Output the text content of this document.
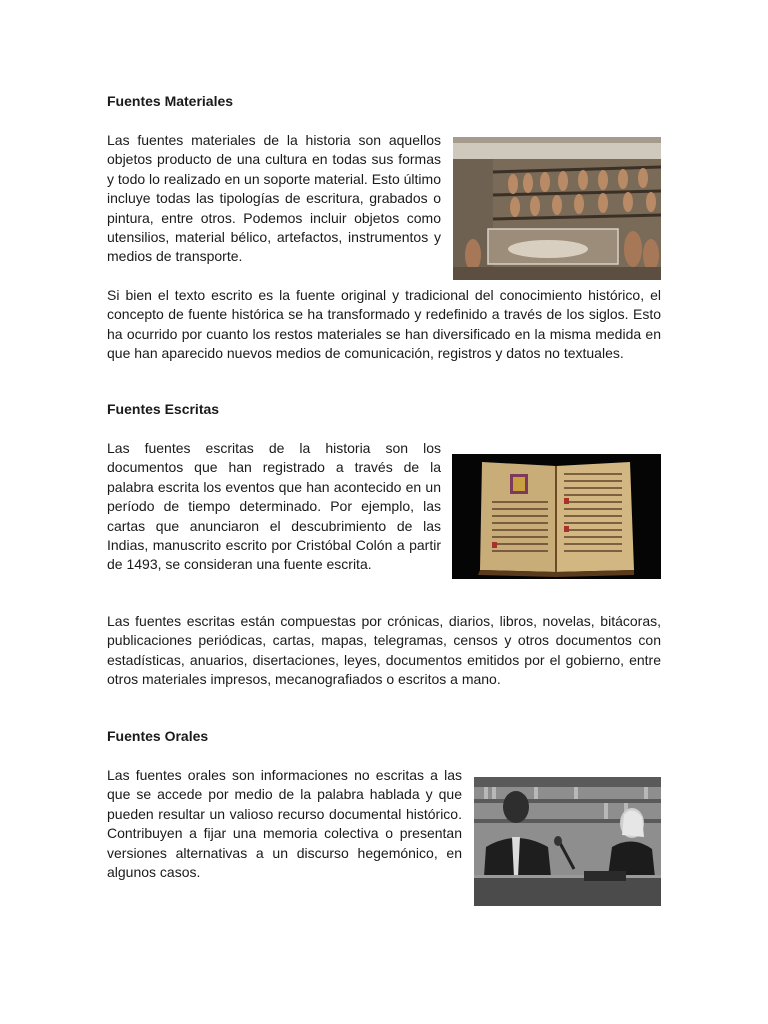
Fuentes Materiales

Las fuentes materiales de la historia son aquellos objetos producto de una cultura en todas sus formas y todo lo realizado en un soporte material. Esto último incluye todas las tipologías de escritura, grabados o pintura, entre otros. Podemos incluir objetos como utensilios, material bélico, artefactos, instrumentos y medios de transporte.

Si bien el texto escrito es la fuente original y tradicional del conocimiento histórico, el concepto de fuente histórica se ha transformado y redefinido a través de los siglos. Esto ha ocurrido por cuanto los restos materiales se han diversificado en la misma medida en que han aparecido nuevos medios de comunicación, registros y datos no textuales.

Fuentes Escritas

Las fuentes escritas de la historia son los documentos que han registrado a través de la palabra escrita los eventos que han acontecido en un período de tiempo determinado. Por ejemplo, las cartas que anunciaron el descubrimiento de las Indias, manuscrito escrito por Cristóbal Colón a partir de 1493, se consideran una fuente escrita.

Las fuentes escritas están compuestas por crónicas, diarios, libros, novelas, bitácoras, publicaciones periódicas, cartas, mapas, telegramas, censos y otros documentos con estadísticas, anuarios, disertaciones, leyes, documentos emitidos por el gobierno, entre otros materiales impresos, mecanografiados o escritos a mano.

Fuentes Orales

Las fuentes orales son informaciones no escritas a las que se accede por medio de la palabra hablada y que pueden resultar un valioso recurso documental histórico. Contribuyen a fijar una memoria colectiva o presentan versiones alternativas a un discurso hegemónico, en algunos casos.
